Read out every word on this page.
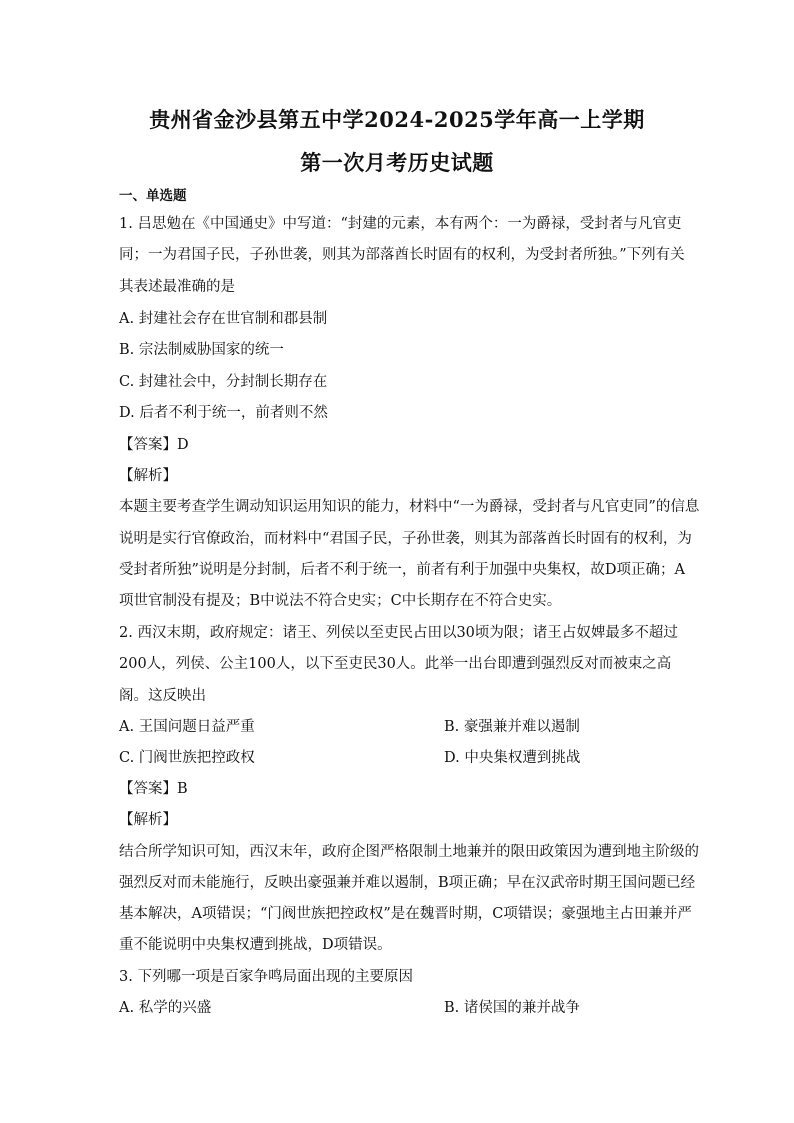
贵州省金沙县第五中学2024-2025学年高一上学期
第一次月考历史试题
一、单选题
1. 吕思勉在《中国通史》中写道：“封建的元素，本有两个：一为爵禄，受封者与凡官吏
同；一为君国子民，子孙世袭，则其为部落酋长时固有的权利，为受封者所独。”下列有关
其表述最准确的是
A. 封建社会存在世官制和郡县制
B. 宗法制威胁国家的统一
C. 封建社会中，分封制长期存在
D. 后者不利于统一，前者则不然
【答案】D
【解析】
本题主要考查学生调动知识运用知识的能力，材料中“一为爵禄，受封者与凡官吏同”的信息
说明是实行官僚政治，而材料中“君国子民，子孙世袭，则其为部落酋长时固有的权利，为
受封者所独”说明是分封制，后者不利于统一，前者有利于加强中央集权，故D项正确；A
项世官制没有提及；B中说法不符合史实；C中长期存在不符合史实。
2. 西汉末期，政府规定：诸王、列侯以至吏民占田以30顷为限；诸王占奴婢最多不超过
200人，列侯、公主100人，以下至吏民30人。此举一出台即遭到强烈反对而被束之高
阁。这反映出
A. 王国问题日益严重	B. 豪强兼并难以遏制
C. 门阀世族把控政权	D. 中央集权遭到挑战
【答案】B
【解析】
结合所学知识可知，西汉末年，政府企图严格限制土地兼并的限田政策因为遭到地主阶级的
强烈反对而未能施行，反映出豪强兼并难以遏制，B项正确；早在汉武帝时期王国问题已经
基本解决，A项错误；“门阀世族把控政权”是在魏晋时期，C项错误；豪强地主占田兼并严
重不能说明中央集权遭到挑战，D项错误。
3. 下列哪一项是百家争鸣局面出现的主要原因
A. 私学的兴盛	B. 诸侯国的兼并战争
